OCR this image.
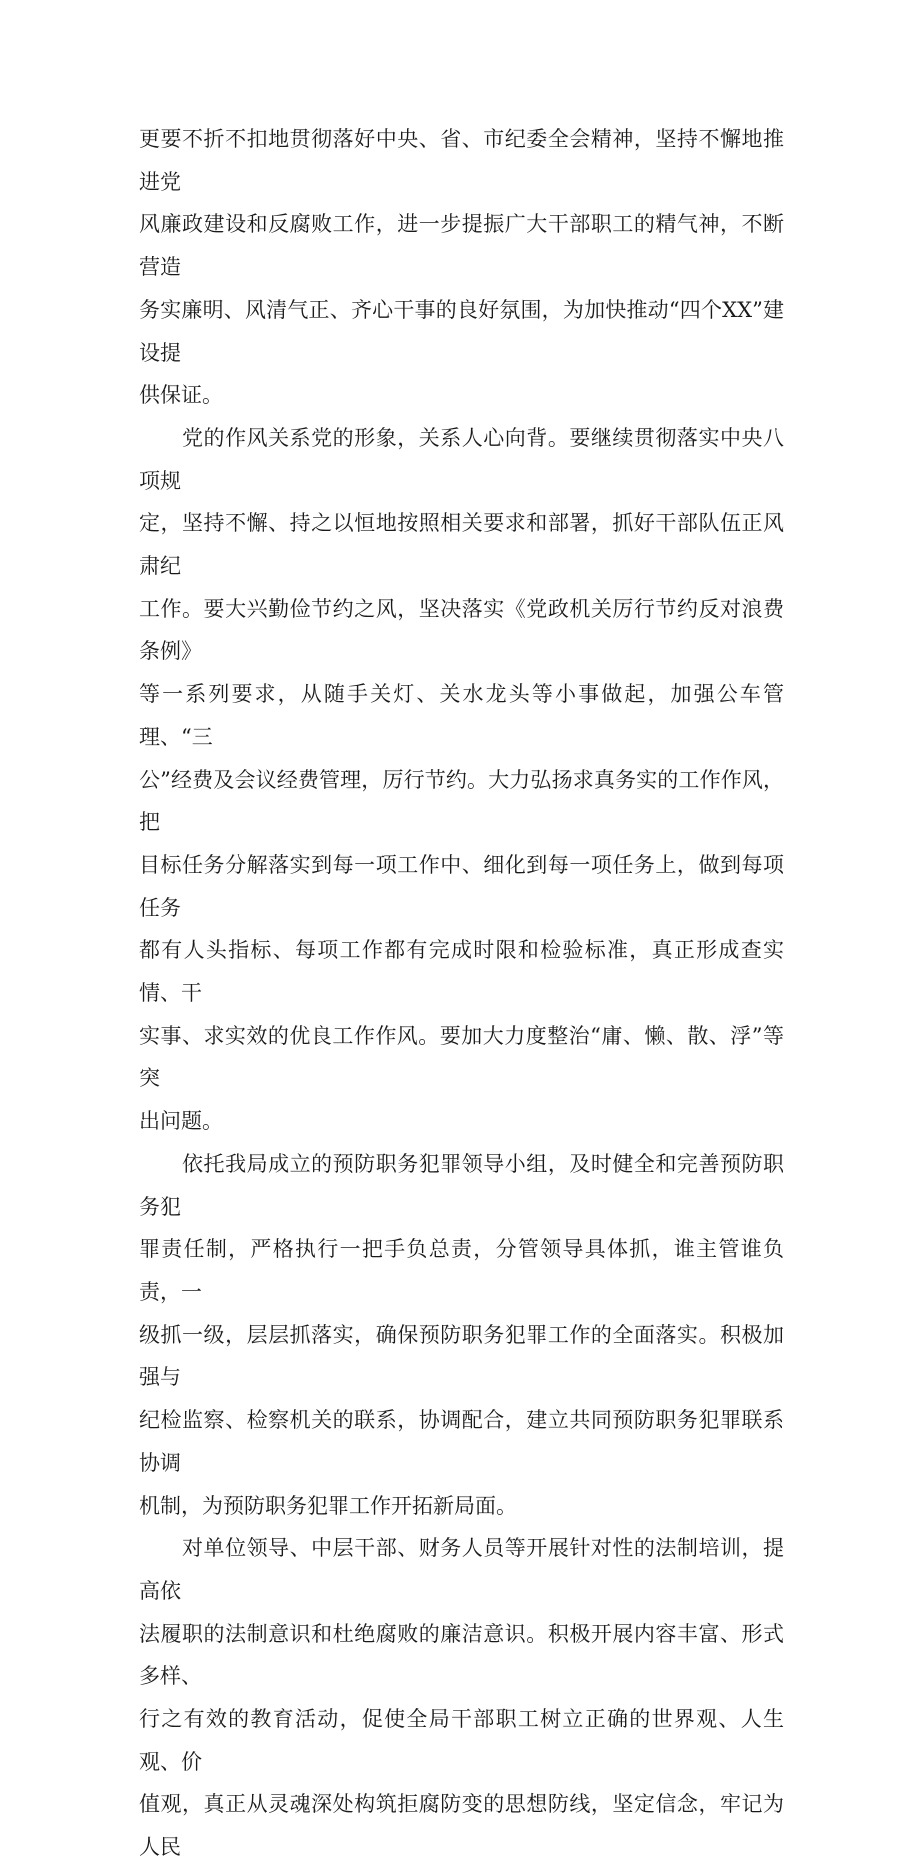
更要不折不扣地贯彻落好中央、省、市纪委全会精神，坚持不懈地推进党
风廉政建设和反腐败工作，进一步提振广大干部职工的精气神，不断营造
务实廉明、风清气正、齐心干事的良好氛围，为加快推动“四个XX”建设提
供保证。

　　党的作风关系党的形象，关系人心向背。要继续贯彻落实中央八项规
定，坚持不懈、持之以恒地按照相关要求和部署，抓好干部队伍正风肃纪
工作。要大兴勤俭节约之风，坚决落实《党政机关厉行节约反对浪费条例》
等一系列要求，从随手关灯、关水龙头等小事做起，加强公车管理、“三
公”经费及会议经费管理，厉行节约。大力弘扬求真务实的工作作风，把
目标任务分解落实到每一项工作中、细化到每一项任务上，做到每项任务
都有人头指标、每项工作都有完成时限和检验标准，真正形成查实情、干
实事、求实效的优良工作作风。要加大力度整治“庸、懒、散、浮”等突
出问题。

　　依托我局成立的预防职务犯罪领导小组，及时健全和完善预防职务犯
罪责任制，严格执行一把手负总责，分管领导具体抓，谁主管谁负责，一
级抓一级，层层抓落实，确保预防职务犯罪工作的全面落实。积极加强与
纪检监察、检察机关的联系，协调配合，建立共同预防职务犯罪联系协调
机制，为预防职务犯罪工作开拓新局面。

　　对单位领导、中层干部、财务人员等开展针对性的法制培训，提高依
法履职的法制意识和杜绝腐败的廉洁意识。积极开展内容丰富、形式多样、
行之有效的教育活动，促使全局干部职工树立正确的世界观、人生观、价
值观，真正从灵魂深处构筑拒腐防变的思想防线，坚定信念，牢记为人民
